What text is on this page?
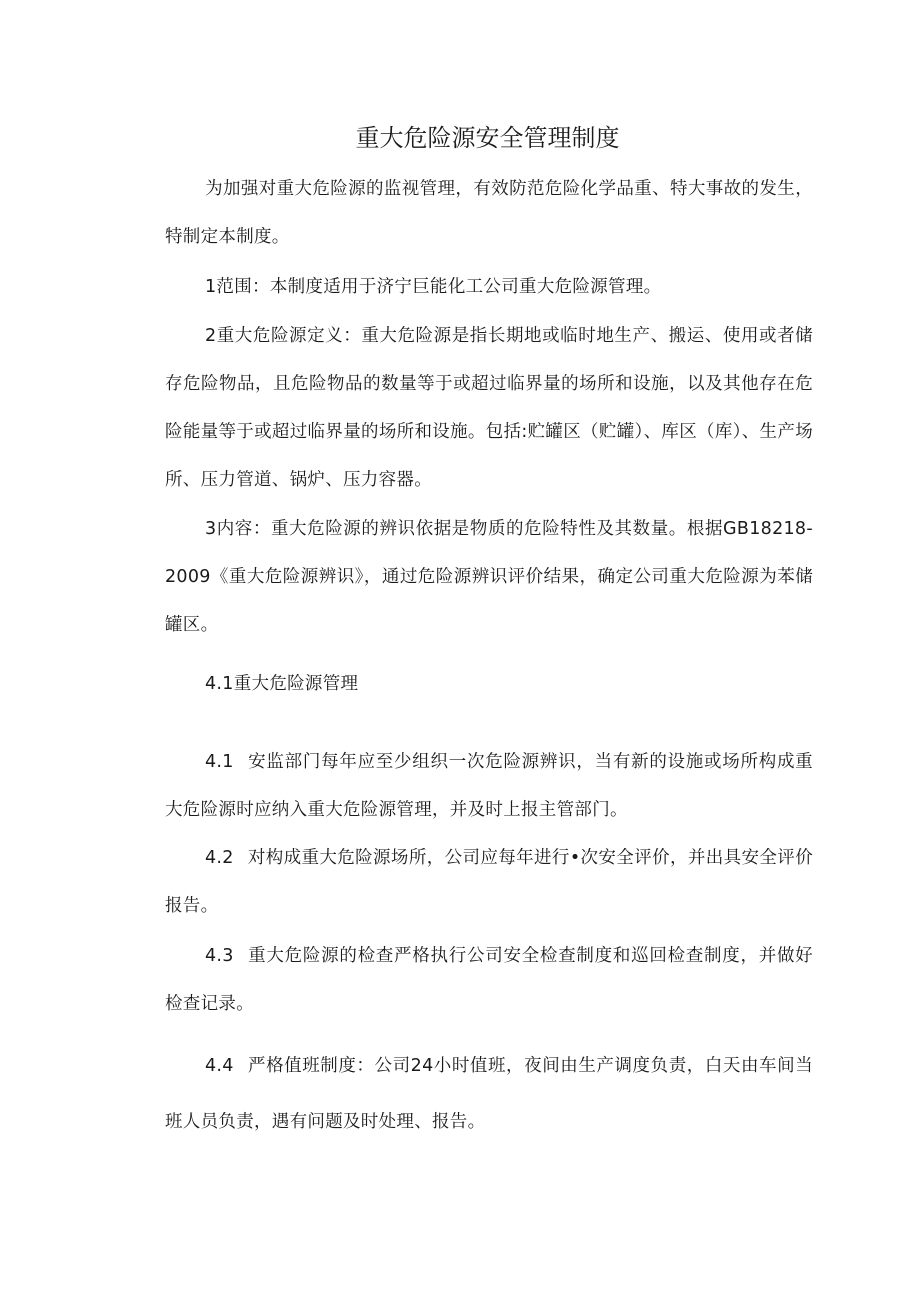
重大危险源安全管理制度
为加强对重大危险源的监视管理，有效防范危险化学品重、特大事故的发生，特制定本制度。
1范围：本制度适用于济宁巨能化工公司重大危险源管理。
2重大危险源定义：重大危险源是指长期地或临时地生产、搬运、使用或者储存危险物品，且危险物品的数量等于或超过临界量的场所和设施，以及其他存在危险能量等于或超过临界量的场所和设施。包括:贮罐区（贮罐）、库区（库）、生产场所、压力管道、锅炉、压力容器。
3内容：重大危险源的辨识依据是物质的危险特性及其数量。根据GB18218-2009《重大危险源辨识》，通过危险源辨识评价结果，确定公司重大危险源为苯储罐区。
4.1重大危险源管理
4.1 安监部门每年应至少组织一次危险源辨识，当有新的设施或场所构成重大危险源时应纳入重大危险源管理，并及时上报主管部门。
4.2 对构成重大危险源场所，公司应每年进行•次安全评价，并出具安全评价报告。
4.3 重大危险源的检查严格执行公司安全检查制度和巡回检查制度，并做好检查记录。
4.4 严格值班制度：公司24小时值班，夜间由生产调度负责，白天由车间当班人员负责，遇有问题及时处理、报告。
